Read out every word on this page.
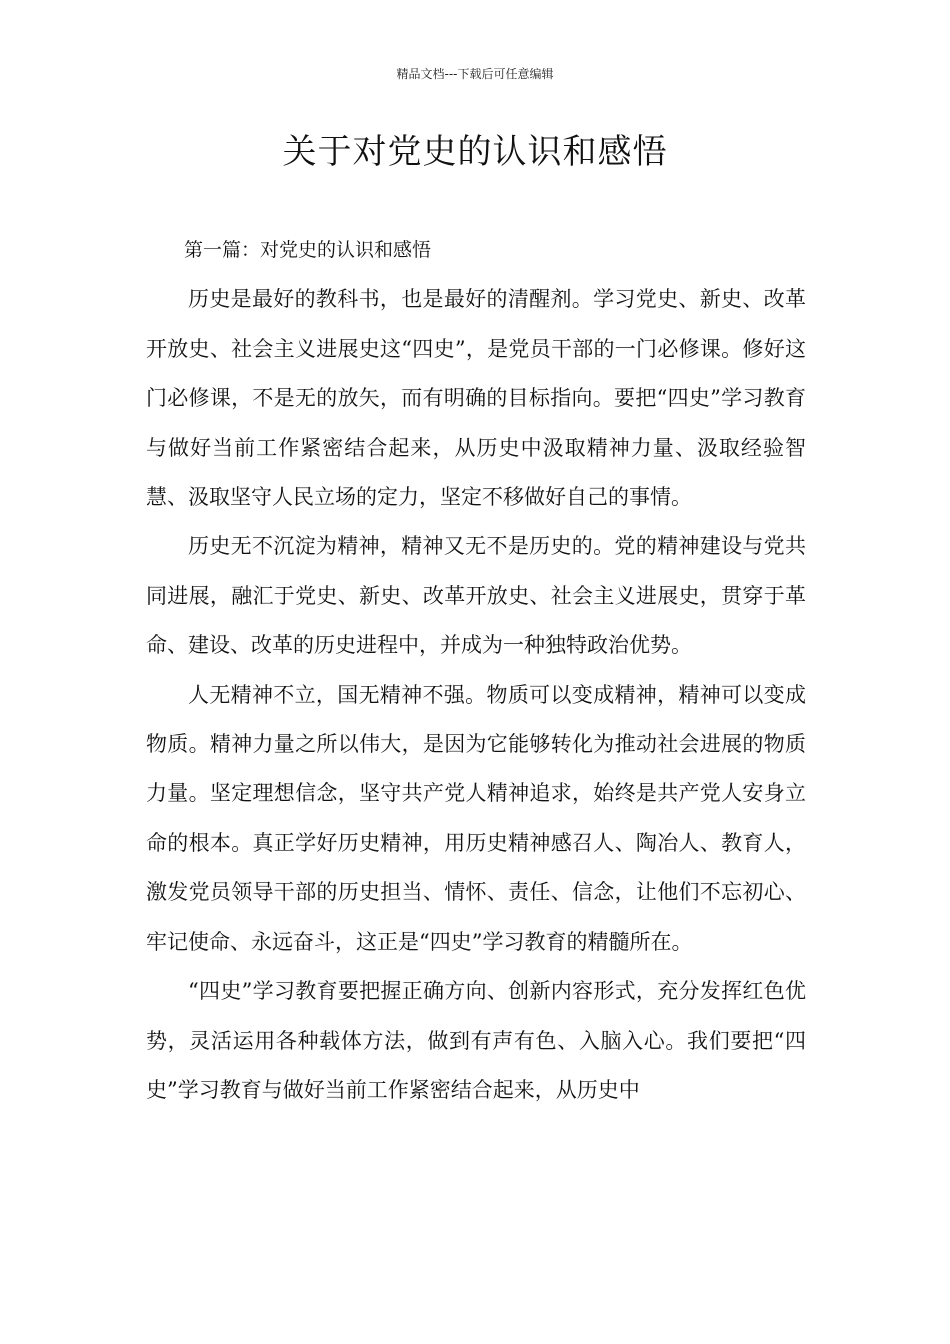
精品文档---下载后可任意编辑
关于对党史的认识和感悟

第一篇：对党史的认识和感悟

历史是最好的教科书，也是最好的清醒剂。学习党史、新史、改革开放史、社会主义进展史这“四史”，是党员干部的一门必修课。修好这门必修课，不是无的放矢，而有明确的目标指向。要把“四史”学习教育与做好当前工作紧密结合起来，从历史中汲取精神力量、汲取经验智慧、汲取坚守人民立场的定力，坚定不移做好自己的事情。

历史无不沉淀为精神，精神又无不是历史的。党的精神建设与党共同进展，融汇于党史、新史、改革开放史、社会主义进展史，贯穿于革命、建设、改革的历史进程中，并成为一种独特政治优势。

人无精神不立，国无精神不强。物质可以变成精神，精神可以变成物质。精神力量之所以伟大，是因为它能够转化为推动社会进展的物质力量。坚定理想信念，坚守共产党人精神追求，始终是共产党人安身立命的根本。真正学好历史精神，用历史精神感召人、陶冶人、教育人，激发党员领导干部的历史担当、情怀、责任、信念，让他们不忘初心、牢记使命、永远奋斗，这正是“四史”学习教育的精髓所在。

“四史”学习教育要把握正确方向、创新内容形式，充分发挥红色优势，灵活运用各种载体方法，做到有声有色、入脑入心。我们要把“四史”学习教育与做好当前工作紧密结合起来，从历史中
